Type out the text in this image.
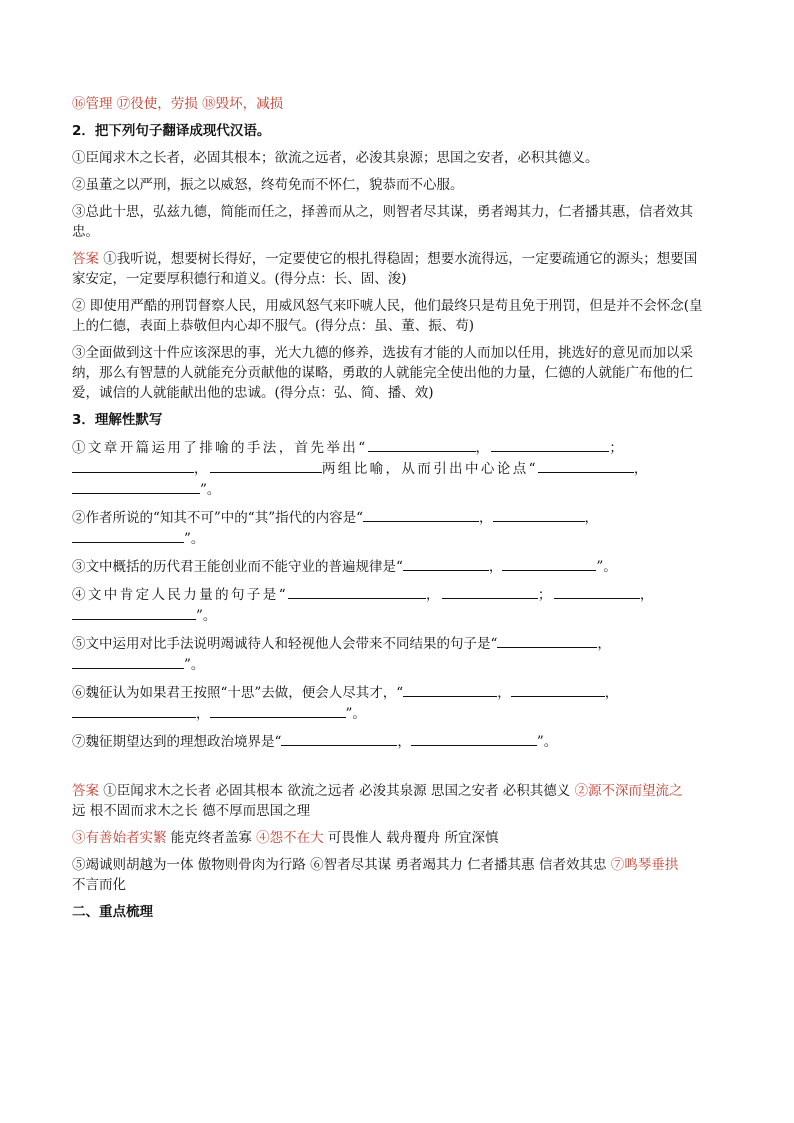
⑯管理 ⑰役使，劳损 ⑱毁坏，减损

2．把下列句子翻译成现代汉语。

①臣闻求木之长者，必固其根本；欲流之远者，必浚其泉源；思国之安者，必积其德义。

②虽董之以严刑，振之以威怒，终苟免而不怀仁，貌恭而不心服。

③总此十思，弘兹九德，简能而任之，择善而从之，则智者尽其谋，勇者竭其力，仁者播其惠，信者效其

忠。

答案 ①我听说，想要树长得好，一定要使它的根扎得稳固；想要水流得远，一定要疏通它的源头；想要国

家安定，一定要厚积德行和道义。(得分点：长、固、浚)

② 即使用严酷的刑罚督察人民，用威风怒气来吓唬人民，他们最终只是苟且免于刑罚，但是并不会怀念(皇

上的仁德，表面上恭敬但内心却不服气。(得分点：虽、董、振、苟)

③全面做到这十件应该深思的事，光大九德的修养，选拔有才能的人而加以任用，挑选好的意见而加以采

纳，那么有智慧的人就能充分贡献他的谋略，勇敢的人就能完全使出他的力量，仁德的人就能广布他的仁

爱，诚信的人就能献出他的忠诚。(得分点：弘、简、播、效)

3．理解性默写

①文章开篇运用了排喻的手法，首先举出“	，	；

，	两组比喻，从而引出中心论点“	，

”。

②作者所说的“知其不可”中的“其”指代的内容是“	，	，

”。

③文中概括的历代君王能创业而不能守业的普遍规律是“	，	”。

④文中肯定人民力量的句子是“	，	；	，

”。

⑤文中运用对比手法说明竭诚待人和轻视他人会带来不同结果的句子是“	，

”。

⑥魏征认为如果君王按照“十思”去做，便会人尽其才，“	，	，

，	”。

⑦魏征期望达到的理想政治境界是“	，	”。

答案 ①臣闻求木之长者 必固其根本 欲流之远者 必浚其泉源 思国之安者 必积其德义 ②源不深而望流之

远 根不固而求木之长 德不厚而思国之理

③有善始者实繁 能克终者盖寡 ④怨不在大 可畏惟人 载舟覆舟 所宜深慎

⑤竭诚则胡越为一体 傲物则骨肉为行路 ⑥智者尽其谋 勇者竭其力 仁者播其惠 信者效其忠 ⑦鸣琴垂拱

不言而化

二、重点梳理
